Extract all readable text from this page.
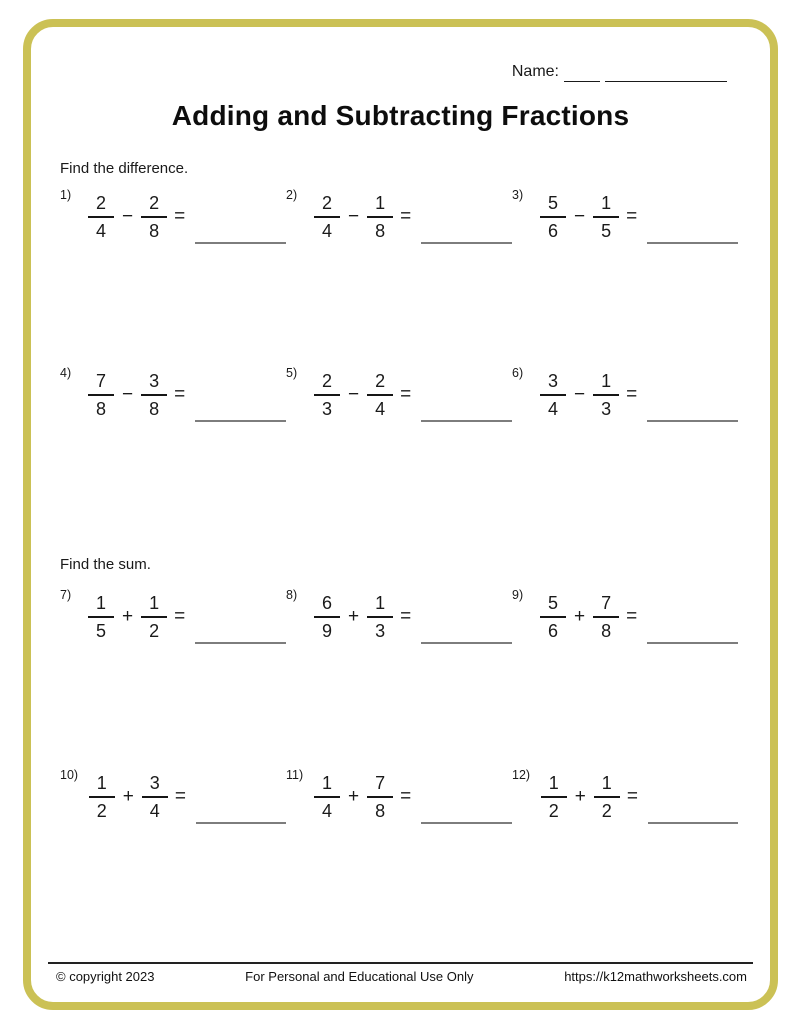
Name:
Adding and Subtracting Fractions
Find the difference.
$1) \frac{2}{4} - \frac{2}{8}$ =
$2) \frac{2}{4} - \frac{1}{8}$ =
$3) \frac{5}{6} - \frac{1}{5}$ =
$4) \frac{7}{8} - \frac{3}{8}$ =
$5) \frac{2}{3} - \frac{2}{4}$ =
$6) \frac{3}{4} - \frac{1}{3}$ =
Find the sum.
$7) \frac{1}{5} + \frac{1}{2}$ =
$8) \frac{6}{9} + \frac{1}{3}$ =
$9) \frac{5}{6} + \frac{7}{8}$ =
$10) \frac{1}{2} + \frac{3}{4}$ =
$11) \frac{1}{4} + \frac{7}{8}$ =
$12) \frac{1}{2} + \frac{1}{2}$ =
© copyright 2023	For Personal and Educational Use Only	https://k12mathworksheets.com
